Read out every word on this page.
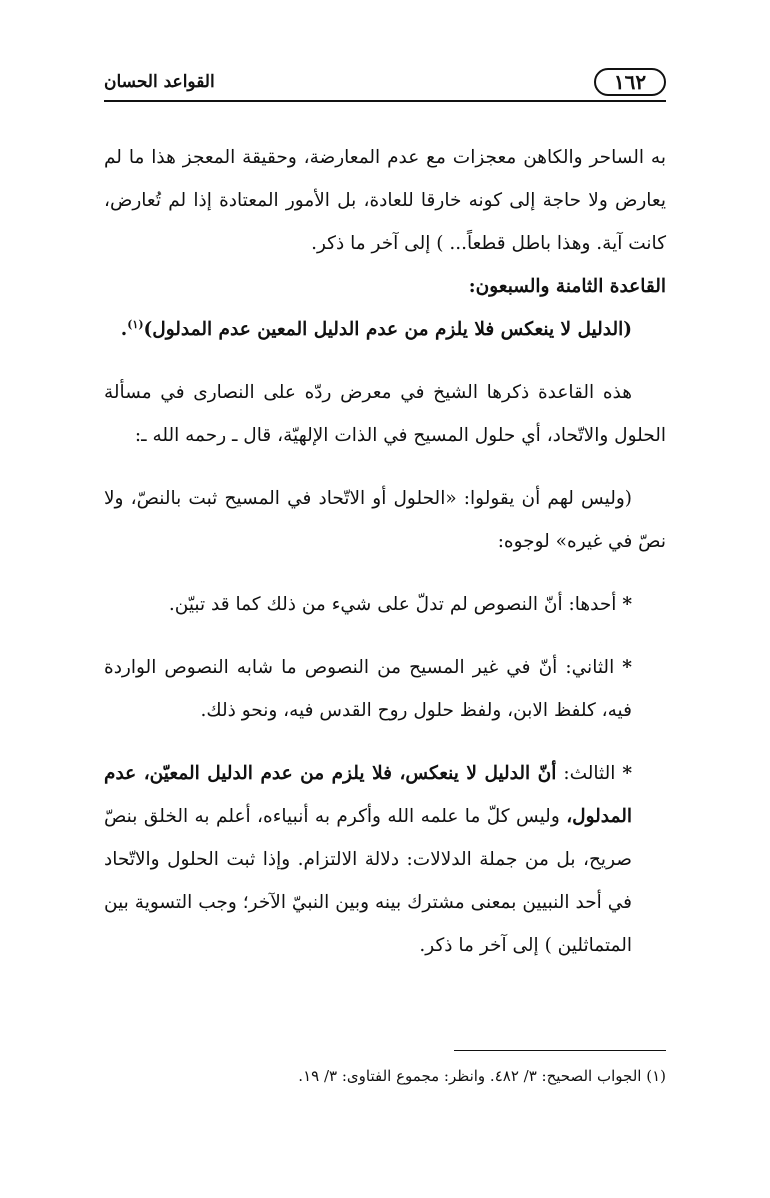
١٦٢
القواعد الحسان

به الساحر والكاهن معجزات مع عدم المعارضة، وحقيقة المعجز هذا ما لم يعارض ولا حاجة إلى كونه خارقا للعادة، بل الأمور المعتادة إذا لم تُعارض، كانت آية. وهذا باطل قطعاً... ) إلى آخر ما ذكر.

القاعدة الثامنة والسبعون:

(الدليل لا ينعكس فلا يلزم من عدم الدليل المعين عدم المدلول)$^{(١)}$.

هذه القاعدة ذكرها الشيخ في معرض ردّه على النصارى في مسألة الحلول والاتّحاد، أي حلول المسيح في الذات الإلهيّة، قال ـ رحمه الله ـ:

(وليس لهم أن يقولوا: «الحلول أو الاتّحاد في المسيح ثبت بالنصّ، ولا نصّ في غيره» لوجوه:

* أحدها: أنّ النصوص لم تدلّ على شيء من ذلك كما قد تبيّن.

* الثاني: أنّ في غير المسيح من النصوص ما شابه النصوص الواردة فيه، كلفظ الابن، ولفظ حلول روح القدس فيه، ونحو ذلك.

* الثالث: أنّ الدليل لا ينعكس، فلا يلزم من عدم الدليل المعيّن، عدم المدلول، وليس كلّ ما علمه الله وأكرم به أنبياءه، أعلم به الخلق بنصّ صريح، بل من جملة الدلالات: دلالة الالتزام. وإذا ثبت الحلول والاتّحاد في أحد النبيين بمعنى مشترك بينه وبين النبيّ الآخر؛ وجب التسوية بين المتماثلين ) إلى آخر ما ذكر.

(١) الجواب الصحيح: ٣/ ٤٨٢. وانظر: مجموع الفتاوى: ٣/ ١٩.
